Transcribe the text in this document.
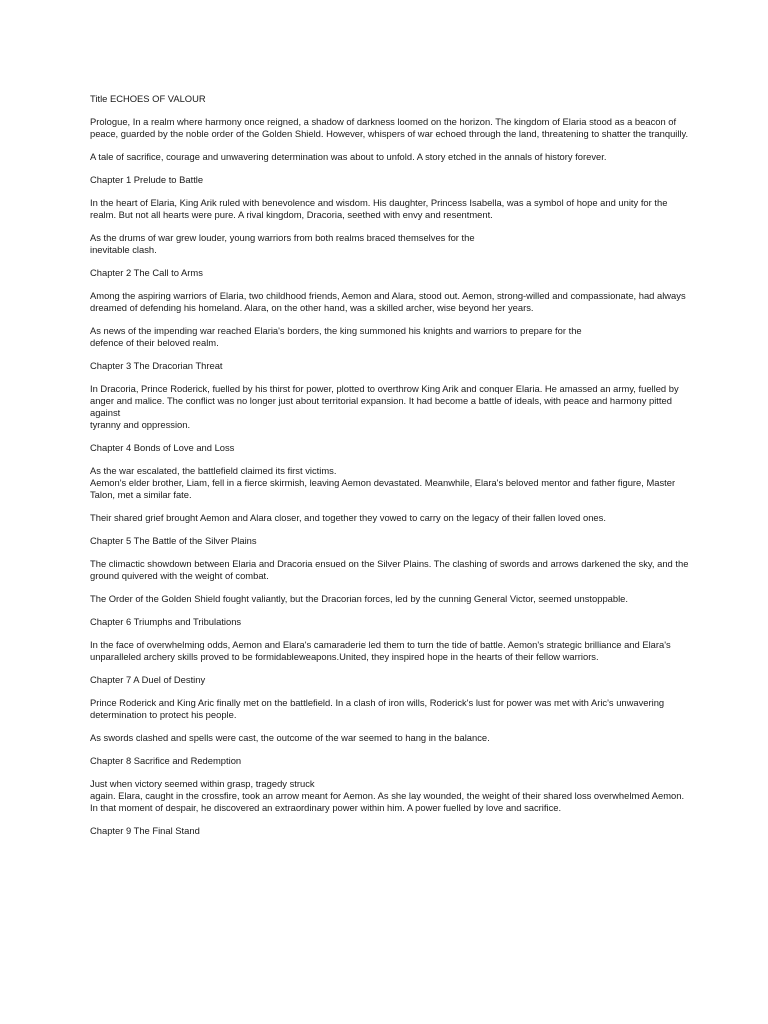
Title ECHOES OF VALOUR

Prologue, In a realm where harmony once reigned, a shadow of darkness loomed on the horizon. The kingdom of Elaria stood as a beacon of peace, guarded by the noble order of the Golden Shield. However, whispers of war echoed through the land, threatening to shatter the tranquilly.

A tale of sacrifice, courage and unwavering determination was about to unfold. A story etched in the annals of history forever.

Chapter 1 Prelude to Battle

In the heart of Elaria, King Arik ruled with benevolence and wisdom. His daughter, Princess Isabella, was a symbol of hope and unity for the realm. But not all hearts were pure. A rival kingdom, Dracoria, seethed with envy and resentment.

As the drums of war grew louder, young warriors from both realms braced themselves for the
inevitable clash.

Chapter 2 The Call to Arms

Among the aspiring warriors of Elaria, two childhood friends, Aemon and Alara, stood out. Aemon, strong-willed and compassionate, had always dreamed of defending his homeland. Alara, on the other hand, was a skilled archer, wise beyond her years.

As news of the impending war reached Elaria's borders, the king summoned his knights and warriors to prepare for the
defence of their beloved realm.

Chapter 3 The Dracorian Threat

In Dracoria, Prince Roderick, fuelled by his thirst for power, plotted to overthrow King Arik and conquer Elaria. He amassed an army, fuelled by anger and malice. The conflict was no longer just about territorial expansion. It had become a battle of ideals, with peace and harmony pitted against
tyranny and oppression.

Chapter 4 Bonds of Love and Loss

As the war escalated, the battlefield claimed its first victims.
Aemon's elder brother, Liam, fell in a fierce skirmish, leaving Aemon devastated. Meanwhile, Elara's beloved mentor and father figure, Master Talon, met a similar fate.

Their shared grief brought Aemon and Alara closer, and together they vowed to carry on the legacy of their fallen loved ones.

Chapter 5 The Battle of the Silver Plains

The climactic showdown between Elaria and Dracoria ensued on the Silver Plains. The clashing of swords and arrows darkened the sky, and the ground quivered with the weight of combat.

The Order of the Golden Shield fought valiantly, but the Dracorian forces, led by the cunning General Victor, seemed unstoppable.

Chapter 6 Triumphs and Tribulations

In the face of overwhelming odds, Aemon and Elara's camaraderie led them to turn the tide of battle. Aemon's strategic brilliance and Elara's unparalleled archery skills proved to be formidableweapons.United, they inspired hope in the hearts of their fellow warriors.

Chapter 7 A Duel of Destiny

Prince Roderick and King Aric finally met on the battlefield. In a clash of iron wills, Roderick's lust for power was met with Aric's unwavering determination to protect his people.

As swords clashed and spells were cast, the outcome of the war seemed to hang in the balance.

Chapter 8 Sacrifice and Redemption

Just when victory seemed within grasp, tragedy struck
again. Elara, caught in the crossfire, took an arrow meant for Aemon. As she lay wounded, the weight of their shared loss overwhelmed Aemon. In that moment of despair, he discovered an extraordinary power within him. A power fuelled by love and sacrifice.

Chapter 9 The Final Stand
